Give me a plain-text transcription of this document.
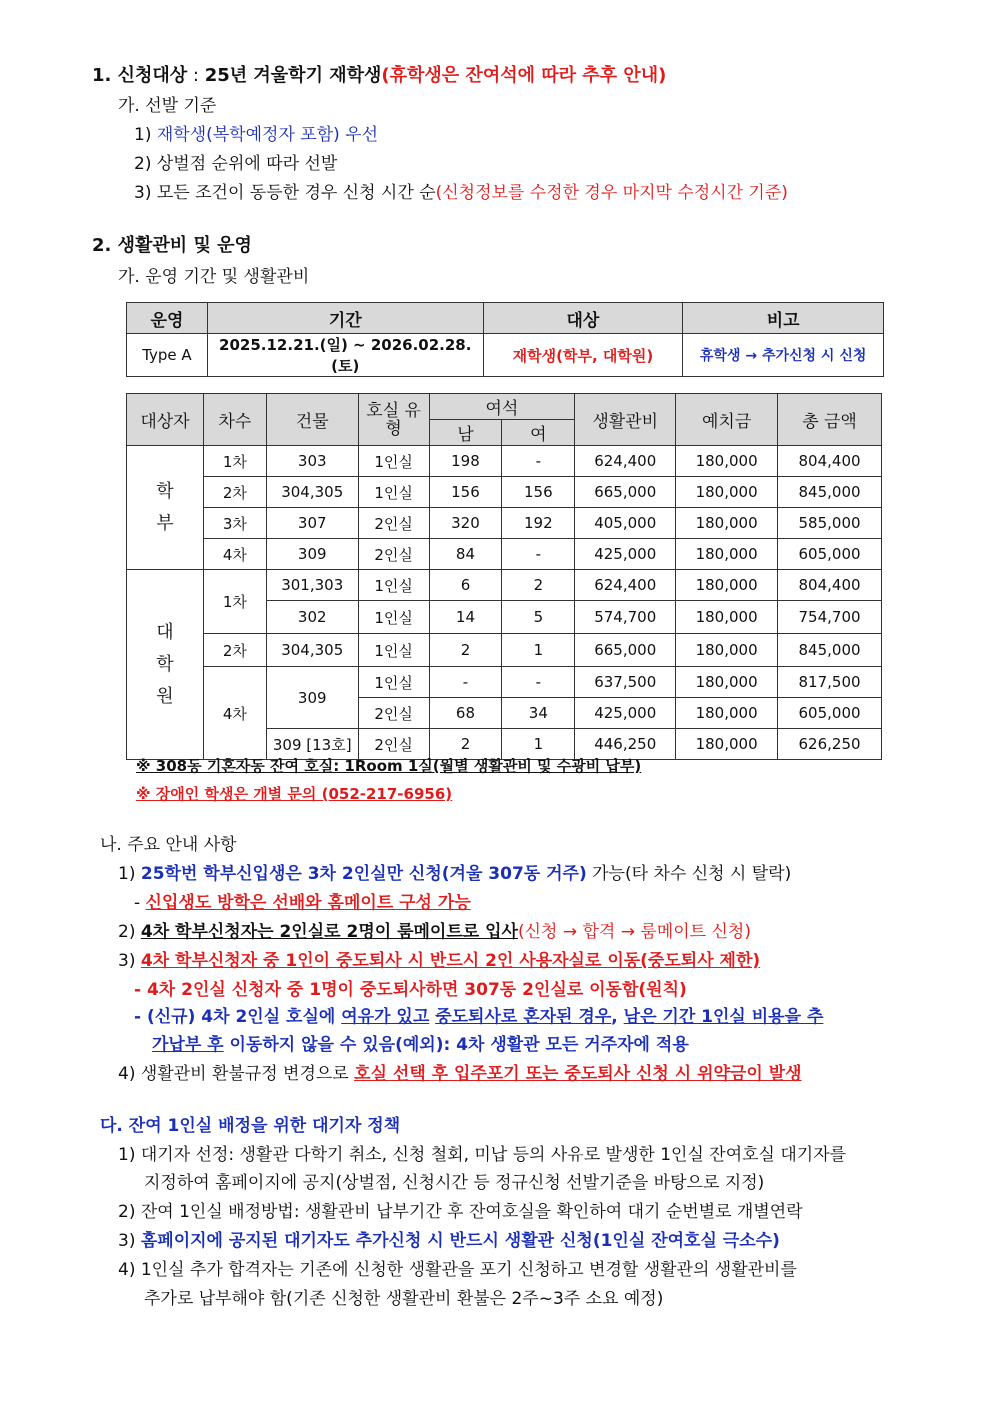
1. 신청대상 : 25년 겨울학기 재학생(휴학생은 잔여석에 따라 추후 안내)
가. 선발 기준
1) 재학생(복학예정자 포함) 우선
2) 상벌점 순위에 따라 선발
3) 모든 조건이 동등한 경우 신청 시간 순(신청정보를 수정한 경우 마지막 수정시간 기준)
2. 생활관비 및 운영
가. 운영 기간 및 생활관비
운영	기간	대상	비고
Type A	2025.12.21.(일) ~ 2026.02.28.(토)	재학생(학부, 대학원)	휴학생 → 추가신청 시 신청
대상자	차수	건물	호실 유형	여석		생활관비	예치금	총 금액
				남	여			
학 부	1차	303	1인실	198	-	624,400	180,000	804,400
	2차	304,305	1인실	156	156	665,000	180,000	845,000
	3차	307	2인실	320	192	405,000	180,000	585,000
	4차	309	2인실	84	-	425,000	180,000	605,000
대 학 원	1차	301,303	1인실	6	2	624,400	180,000	804,400
		302	1인실	14	5	574,700	180,000	754,700
	2차	304,305	1인실	2	1	665,000	180,000	845,000
	4차	309	1인실	-	-	637,500	180,000	817,500
			2인실	68	34	425,000	180,000	605,000
		309 [13호]	2인실	2	1	446,250	180,000	626,250
※ 308동 기혼자동 잔여 호실: 1Room 1실(월별 생활관비 및 수광비 납부)
※ 장애인 학생은 개별 문의 (052-217-6956)
나. 주요 안내 사항
1) 25학번 학부신입생은 3차 2인실만 신청(겨울 307동 거주) 가능(타 차수 신청 시 탈락)
- 신입생도 방학은 선배와 홈메이트 구성 가능
2) 4차 학부신청자는 2인실로 2명이 룸메이트로 입사(신청 → 합격 → 룸메이트 신청)
3) 4차 학부신청자 중 1인이 중도퇴사 시 반드시 2인 사용자실로 이동(중도퇴사 제한)
- 4차 2인실 신청자 중 1명이 중도퇴사하면 307동 2인실로 이동함(원칙)
- (신규) 4차 2인실 호실에 여유가 있고 중도퇴사로 혼자된 경우, 남은 기간 1인실 비용을 추
가납부 후 이동하지 않을 수 있음(예외): 4차 생활관 모든 거주자에 적용
4) 생활관비 환불규정 변경으로 호실 선택 후 입주포기 또는 중도퇴사 신청 시 위약금이 발생
다. 잔여 1인실 배정을 위한 대기자 정책
1) 대기자 선정: 생활관 다학기 취소, 신청 철회, 미납 등의 사유로 발생한 1인실 잔여호실 대기자를
지정하여 홈페이지에 공지(상벌점, 신청시간 등 정규신청 선발기준을 바탕으로 지정)
2) 잔여 1인실 배정방법: 생활관비 납부기간 후 잔여호실을 확인하여 대기 순번별로 개별연락
3) 홈페이지에 공지된 대기자도 추가신청 시 반드시 생활관 신청(1인실 잔여호실 극소수)
4) 1인실 추가 합격자는 기존에 신청한 생활관을 포기 신청하고 변경할 생활관의 생활관비를
추가로 납부해야 함(기존 신청한 생활관비 환불은 2주~3주 소요 예정)
